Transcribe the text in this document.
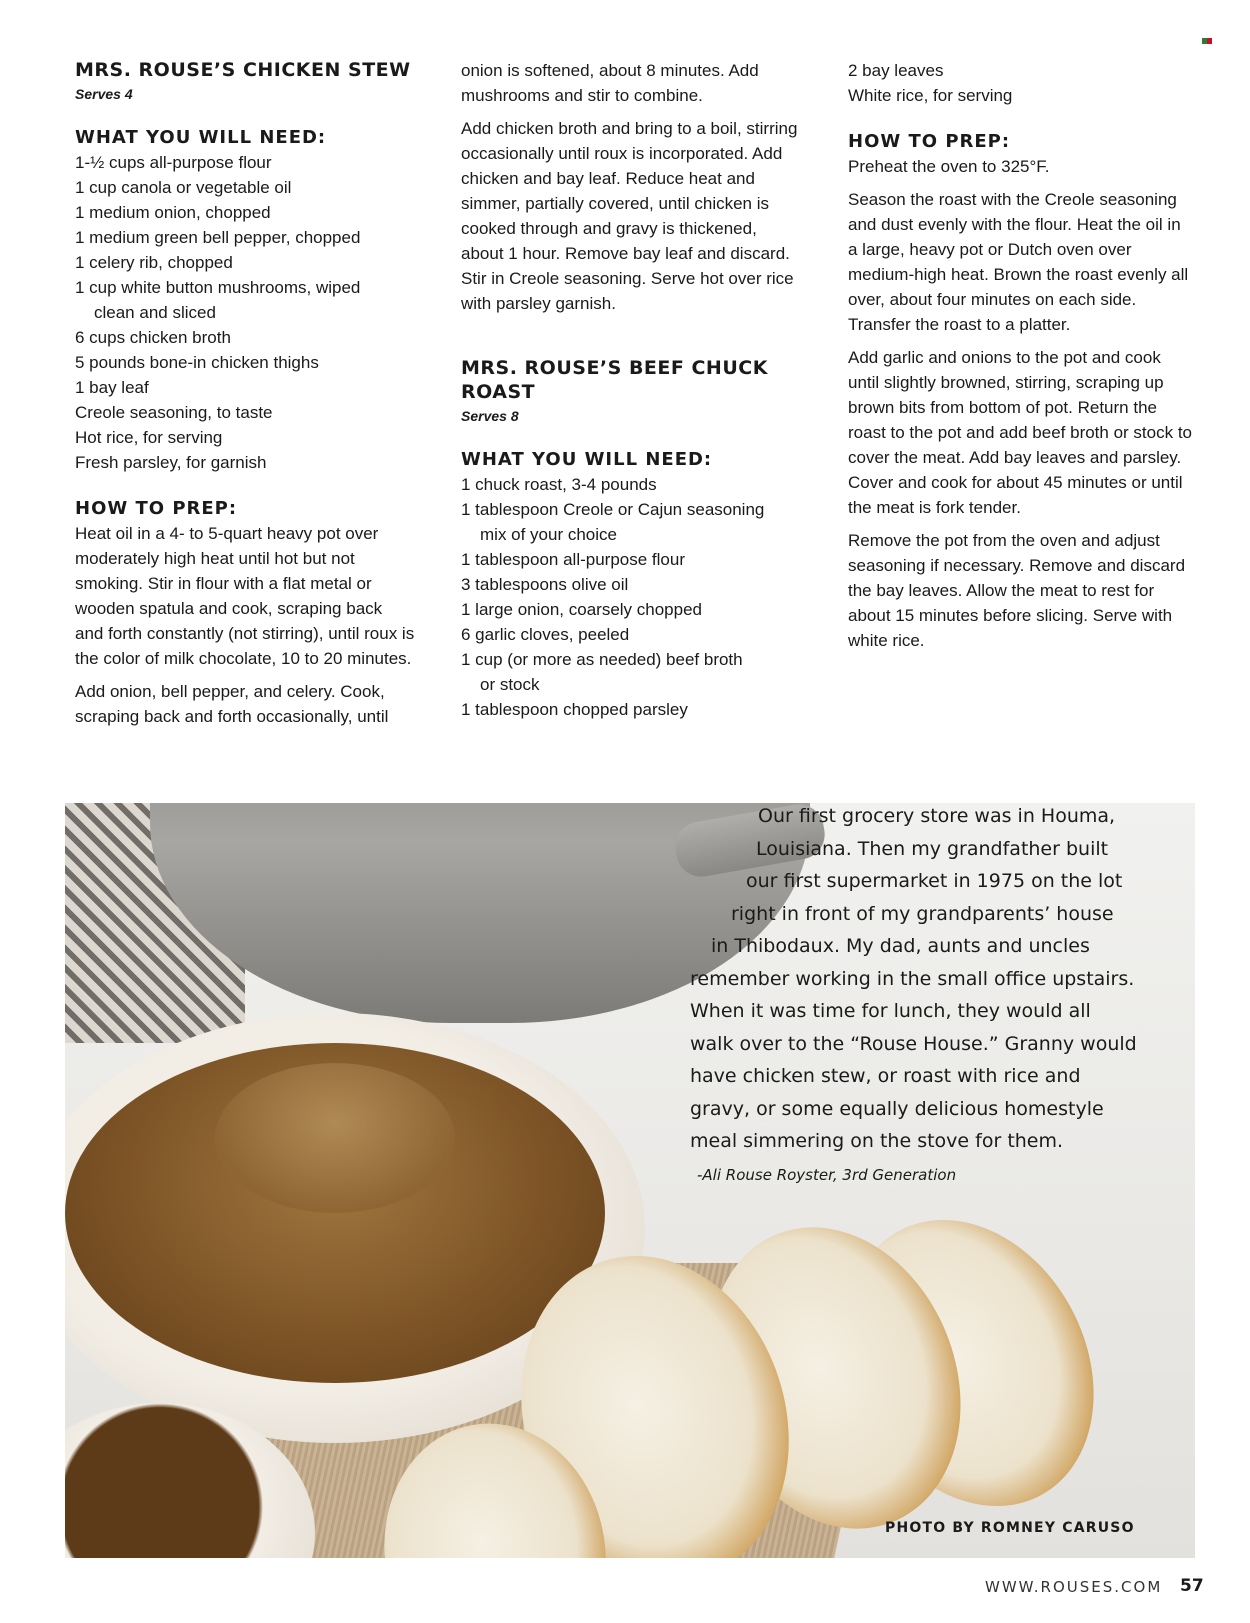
MRS. ROUSE’S CHICKEN STEW

Serves 4

WHAT YOU WILL NEED:
1-½ cups all-purpose flour
1 cup canola or vegetable oil
1 medium onion, chopped
1 medium green bell pepper, chopped
1 celery rib, chopped
1 cup white button mushrooms, wiped
clean and sliced
6 cups chicken broth
5 pounds bone-in chicken thighs
1 bay leaf
Creole seasoning, to taste
Hot rice, for serving
Fresh parsley, for garnish
HOW TO PREP:

Heat oil in a 4- to 5-quart heavy pot over moderately high heat until hot but not smoking. Stir in flour with a flat metal or wooden spatula and cook, scraping back and forth constantly (not stirring), until roux is the color of milk chocolate, 10 to 20 minutes.

Add onion, bell pepper, and celery. Cook, scraping back and forth occasionally, until

onion is softened, about 8 minutes. Add mushrooms and stir to combine.

Add chicken broth and bring to a boil, stirring occasionally until roux is incorporated. Add chicken and bay leaf. Reduce heat and simmer, partially covered, until chicken is cooked through and gravy is thickened, about 1 hour. Remove bay leaf and discard. Stir in Creole seasoning. Serve hot over rice with parsley garnish.

MRS. ROUSE’S BEEF CHUCK ROAST

Serves 8

WHAT YOU WILL NEED:
1 chuck roast, 3-4 pounds
1 tablespoon Creole or Cajun seasoning
mix of your choice
1 tablespoon all-purpose flour
3 tablespoons olive oil
1 large onion, coarsely chopped
6 garlic cloves, peeled
1 cup (or more as needed) beef broth
or stock
1 tablespoon chopped parsley
2 bay leaves
White rice, for serving
HOW TO PREP:

Preheat the oven to 325°F.

Season the roast with the Creole seasoning and dust evenly with the flour. Heat the oil in a large, heavy pot or Dutch oven over medium-high heat. Brown the roast evenly all over, about four minutes on each side. Transfer the roast to a platter.

Add garlic and onions to the pot and cook until slightly browned, stirring, scraping up brown bits from bottom of pot. Return the roast to the pot and add beef broth or stock to cover the meat. Add bay leaves and parsley. Cover and cook for about 45 minutes or until the meat is fork tender.

Remove the pot from the oven and adjust seasoning if necessary. Remove and discard the bay leaves. Allow the meat to rest for about 15 minutes before slicing. Serve with white rice.

Our first grocery store was in Houma,
Louisiana. Then my grandfather built
our first supermarket in 1975 on the lot
right in front of my grandparents’ house
in Thibodaux. My dad, aunts and uncles
remember working in the small office upstairs.
When it was time for lunch, they would all
walk over to the “Rouse House.” Granny would
have chicken stew, or roast with rice and
gravy, or some equally delicious homestyle
meal simmering on the stove for them.
-Ali Rouse Royster, 3rd Generation
PHOTO BY ROMNEY CARUSO
WWW.ROUSES.COM 57
